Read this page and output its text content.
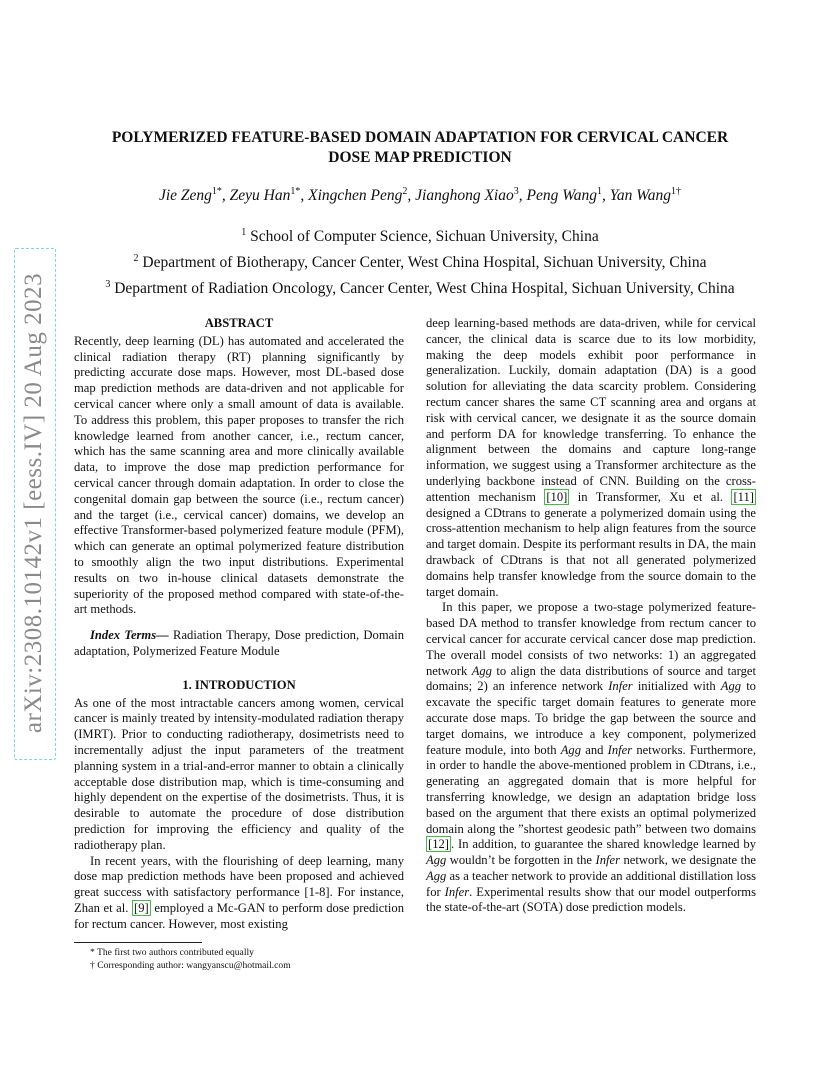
arXiv:2308.10142v1 [eess.IV] 20 Aug 2023
POLYMERIZED FEATURE-BASED DOMAIN ADAPTATION FOR CERVICAL CANCER
DOSE MAP PREDICTION
Jie Zeng$^{1*}$, Zeyu Han$^{1*}$, Xingchen Peng$^2$, Jianghong Xiao$^3$, Peng Wang$^1$, Yan Wang$^{1\dagger}$
$^1$ School of Computer Science, Sichuan University, China
$^2$ Department of Biotherapy, Cancer Center, West China Hospital, Sichuan University, China
$^3$ Department of Radiation Oncology, Cancer Center, West China Hospital, Sichuan University, China
ABSTRACT

Recently, deep learning (DL) has automated and accelerated the clinical radiation therapy (RT) planning significantly by predicting accurate dose maps. However, most DL-based dose map prediction methods are data-driven and not applicable for cervical cancer where only a small amount of data is available. To address this problem, this paper proposes to transfer the rich knowledge learned from another cancer, i.e., rectum cancer, which has the same scanning area and more clinically available data, to improve the dose map prediction performance for cervical cancer through domain adaptation. In order to close the congenital domain gap between the source (i.e., rectum cancer) and the target (i.e., cervical cancer) domains, we develop an effective Transformer-based polymerized feature module (PFM), which can generate an optimal polymerized feature distribution to smoothly align the two input distributions. Experimental results on two in-house clinical datasets demonstrate the superiority of the proposed method compared with state-of-the-art methods.

Index Terms— Radiation Therapy, Dose prediction, Domain adaptation, Polymerized Feature Module

1. INTRODUCTION

As one of the most intractable cancers among women, cervical cancer is mainly treated by intensity-modulated radiation therapy (IMRT). Prior to conducting radiotherapy, dosimetrists need to incrementally adjust the input parameters of the treatment planning system in a trial-and-error manner to obtain a clinically acceptable dose distribution map, which is time-consuming and highly dependent on the expertise of the dosimetrists. Thus, it is desirable to automate the procedure of dose distribution prediction for improving the efficiency and quality of the radiotherapy plan.

In recent years, with the flourishing of deep learning, many dose map prediction methods have been proposed and achieved great success with satisfactory performance [1-8]. For instance, Zhan et al. [9] employed a Mc-GAN to perform dose prediction for rectum cancer. However, most existing

* The first two authors contributed equally
† Corresponding author: wangyanscu@hotmail.com

deep learning-based methods are data-driven, while for cervical cancer, the clinical data is scarce due to its low morbidity, making the deep models exhibit poor performance in generalization. Luckily, domain adaptation (DA) is a good solution for alleviating the data scarcity problem. Considering rectum cancer shares the same CT scanning area and organs at risk with cervical cancer, we designate it as the source domain and perform DA for knowledge transferring. To enhance the alignment between the domains and capture long-range information, we suggest using a Transformer architecture as the underlying backbone instead of CNN. Building on the cross-attention mechanism [10] in Transformer, Xu et al. [11] designed a CDtrans to generate a polymerized domain using the cross-attention mechanism to help align features from the source and target domain. Despite its performant results in DA, the main drawback of CDtrans is that not all generated polymerized domains help transfer knowledge from the source domain to the target domain.

In this paper, we propose a two-stage polymerized feature-based DA method to transfer knowledge from rectum cancer to cervical cancer for accurate cervical cancer dose map prediction. The overall model consists of two networks: 1) an aggregated network Agg to align the data distributions of source and target domains; 2) an inference network Infer initialized with Agg to excavate the specific target domain features to generate more accurate dose maps. To bridge the gap between the source and target domains, we introduce a key component, polymerized feature module, into both Agg and Infer networks. Furthermore, in order to handle the above-mentioned problem in CDtrans, i.e., generating an aggregated domain that is more helpful for transferring knowledge, we design an adaptation bridge loss based on the argument that there exists an optimal polymerized domain along the ”shortest geodesic path” between two domains [12] . In addition, to guarantee the shared knowledge learned by Agg wouldn’t be forgotten in the Infer network, we designate the Agg as a teacher network to provide an additional distillation loss for Infer. Experimental results show that our model outperforms the state-of-the-art (SOTA) dose prediction models.
